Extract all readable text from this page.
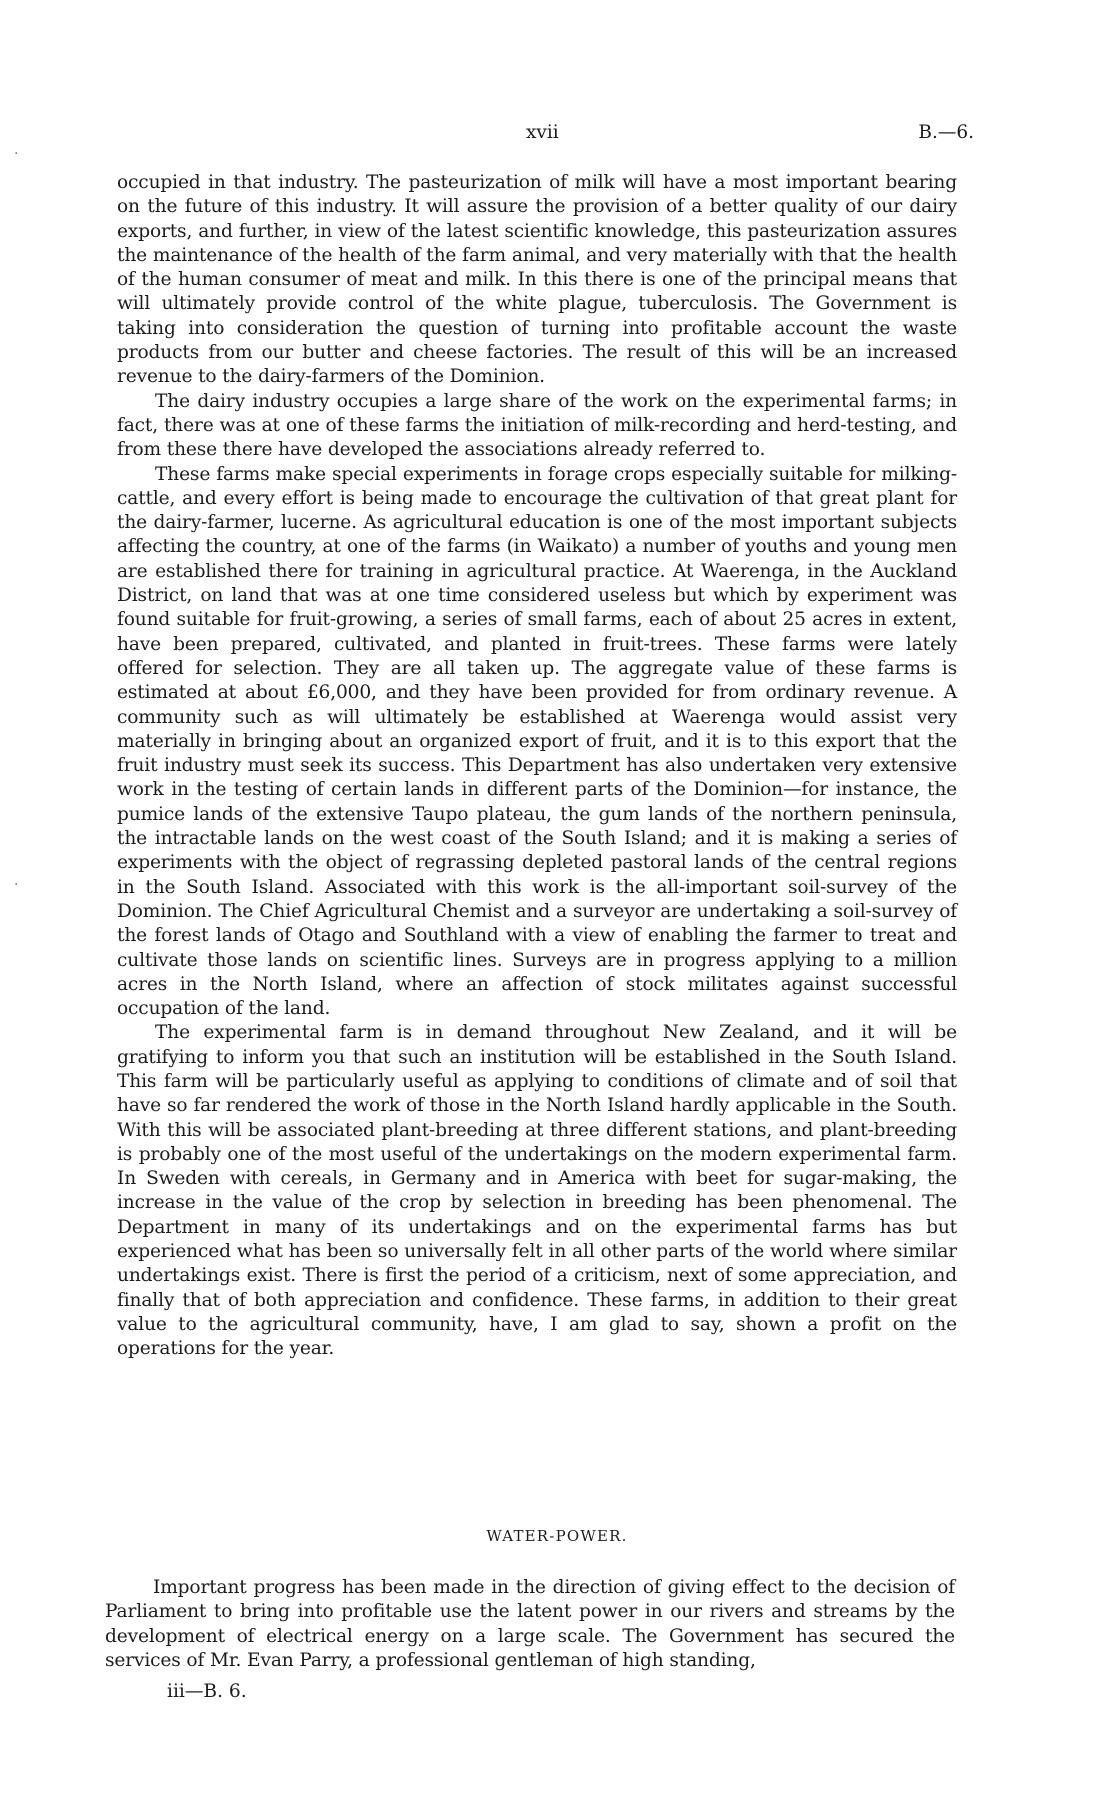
xvii	B.—6.

occupied in that industry. The pasteurization of milk will have a most important bearing on the future of this industry. It will assure the provision of a better quality of our dairy exports, and further, in view of the latest scientific knowledge, this pasteurization assures the maintenance of the health of the farm animal, and very materially with that the health of the human consumer of meat and milk. In this there is one of the principal means that will ultimately provide control of the white plague, tuberculosis. The Government is taking into consideration the question of turning into profitable account the waste products from our butter and cheese factories. The result of this will be an increased revenue to the dairy-farmers of the Dominion.

The dairy industry occupies a large share of the work on the experimental farms; in fact, there was at one of these farms the initiation of milk-recording and herd-testing, and from these there have developed the associations already referred to.

These farms make special experiments in forage crops especially suitable for milking-cattle, and every effort is being made to encourage the cultivation of that great plant for the dairy-farmer, lucerne. As agricultural education is one of the most important subjects affecting the country, at one of the farms (in Waikato) a number of youths and young men are established there for training in agricultural practice. At Waerenga, in the Auckland District, on land that was at one time considered useless but which by experiment was found suitable for fruit-growing, a series of small farms, each of about 25 acres in extent, have been prepared, cultivated, and planted in fruit-trees. These farms were lately offered for selection. They are all taken up. The aggregate value of these farms is estimated at about £6,000, and they have been provided for from ordinary revenue. A community such as will ultimately be established at Waerenga would assist very materially in bringing about an organized export of fruit, and it is to this export that the fruit industry must seek its success. This Department has also undertaken very extensive work in the testing of certain lands in different parts of the Dominion—for instance, the pumice lands of the extensive Taupo plateau, the gum lands of the northern peninsula, the intractable lands on the west coast of the South Island; and it is making a series of experiments with the object of regrassing depleted pastoral lands of the central regions in the South Island. Associated with this work is the all-important soil-survey of the Dominion. The Chief Agricultural Chemist and a surveyor are undertaking a soil-survey of the forest lands of Otago and Southland with a view of enabling the farmer to treat and cultivate those lands on scientific lines. Surveys are in progress applying to a million acres in the North Island, where an affection of stock militates against successful occupation of the land.

The experimental farm is in demand throughout New Zealand, and it will be gratifying to inform you that such an institution will be established in the South Island. This farm will be particularly useful as applying to conditions of climate and of soil that have so far rendered the work of those in the North Island hardly applicable in the South. With this will be associated plant-breeding at three different stations, and plant-breeding is probably one of the most useful of the undertakings on the modern experimental farm. In Sweden with cereals, in Germany and in America with beet for sugar-making, the increase in the value of the crop by selection in breeding has been phenomenal. The Department in many of its undertakings and on the experimental farms has but experienced what has been so universally felt in all other parts of the world where similar undertakings exist. There is first the period of a criticism, next of some appreciation, and finally that of both appreciation and confidence. These farms, in addition to their great value to the agricultural community, have, I am glad to say, shown a profit on the operations for the year.

WATER-POWER.

Important progress has been made in the direction of giving effect to the decision of Parliament to bring into profitable use the latent power in our rivers and streams by the development of electrical energy on a large scale. The Government has secured the services of Mr. Evan Parry, a professional gentleman of high standing,

iii—B. 6.
·
·
